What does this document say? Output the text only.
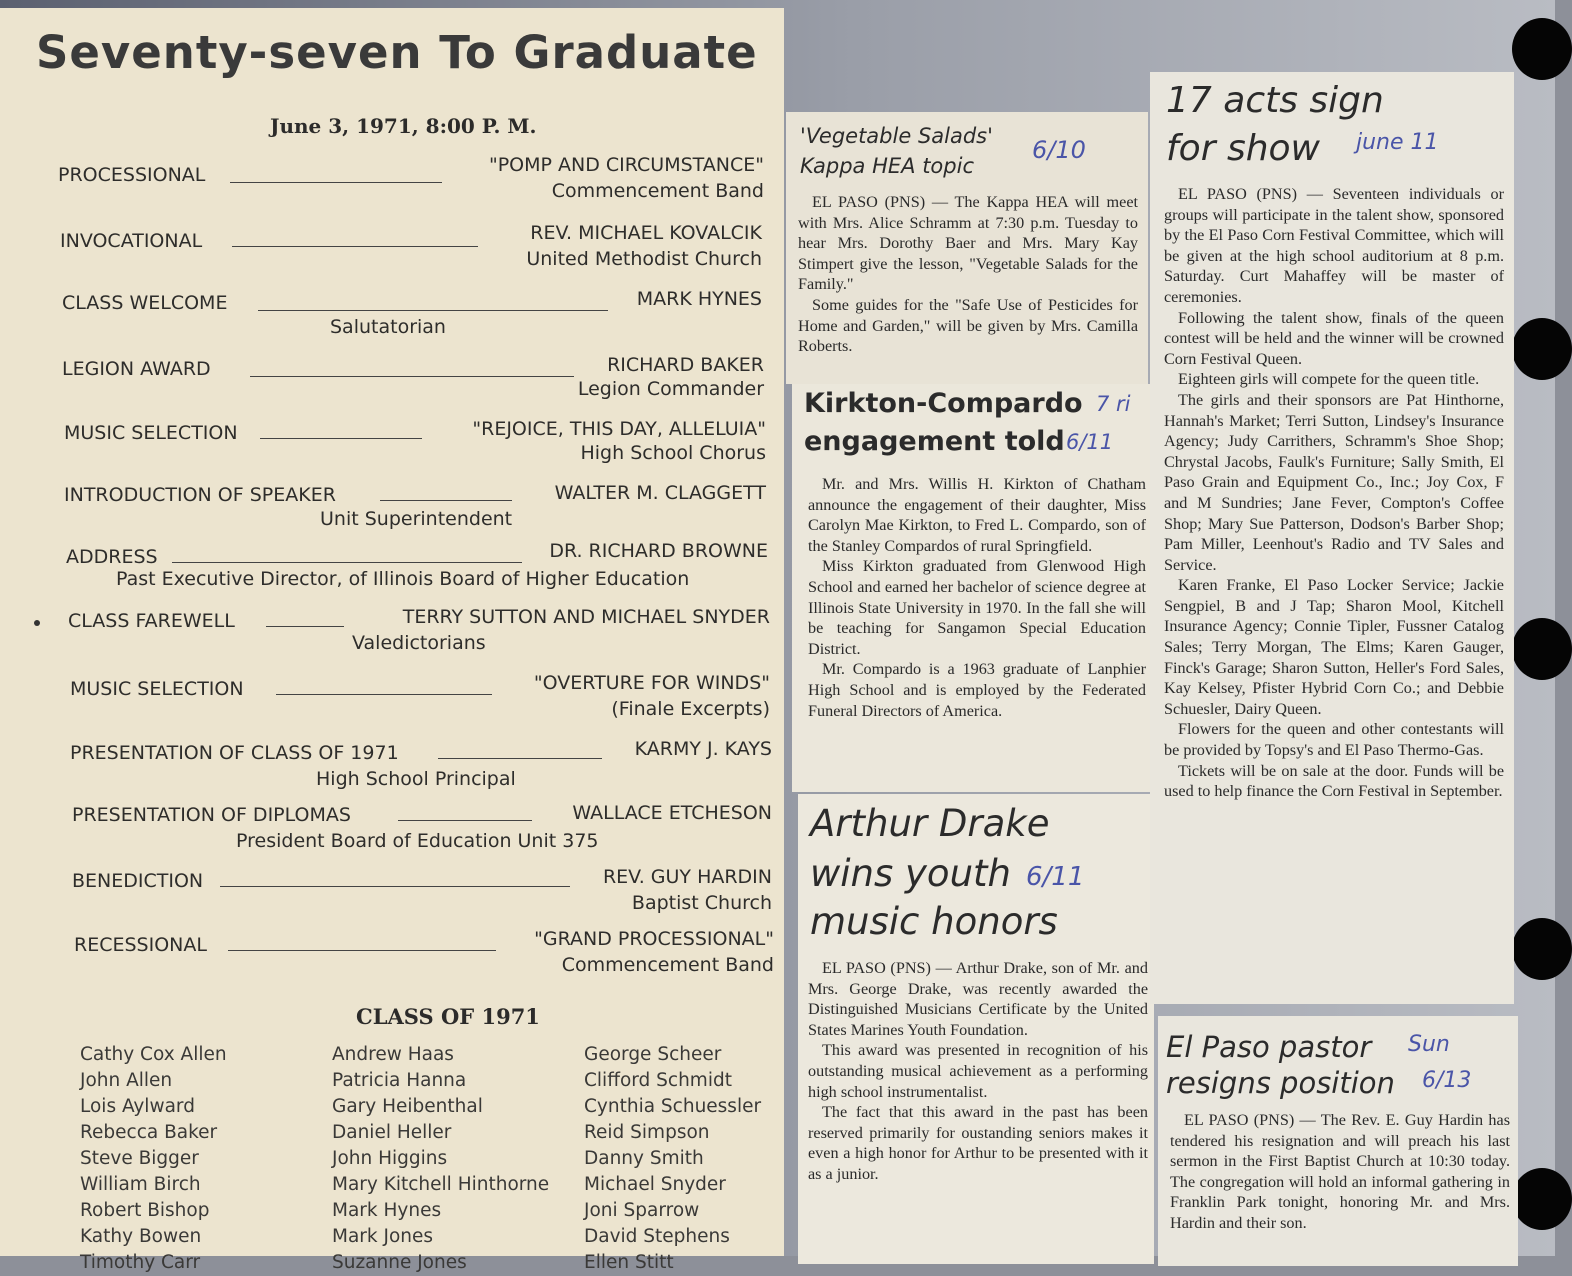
Seventy-seven To Graduate
June 3, 1971, 8:00 P. M.
PROCESSIONAL	"POMP AND CIRCUMSTANCE"
Commencement Band
INVOCATIONAL	REV. MICHAEL KOVALCIK
United Methodist Church
CLASS WELCOME	MARK HYNES
Salutatorian
LEGION AWARD	RICHARD BAKER
Legion Commander
MUSIC SELECTION	"REJOICE, THIS DAY, ALLELUIA"
High School Chorus
INTRODUCTION OF SPEAKER	WALTER M. CLAGGETT
Unit Superintendent
ADDRESS	DR. RICHARD BROWNE
Past Executive Director, of Illinois Board of Higher Education
CLASS FAREWELL	TERRY SUTTON AND MICHAEL SNYDER
Valedictorians
MUSIC SELECTION	"OVERTURE FOR WINDS"
(Finale Excerpts)
PRESENTATION OF CLASS OF 1971	KARMY J. KAYS
High School Principal
PRESENTATION OF DIPLOMAS	WALLACE ETCHESON
President Board of Education Unit 375
BENEDICTION	REV. GUY HARDIN
Baptist Church
RECESSIONAL	"GRAND PROCESSIONAL"
Commencement Band
CLASS OF 1971
Cathy Cox Allen
John Allen
Lois Aylward
Rebecca Baker
Steve Bigger
William Birch
Robert Bishop
Kathy Bowen
Timothy Carr
Andrew Haas
Patricia Hanna
Gary Heibenthal
Daniel Heller
John Higgins
Mary Kitchell Hinthorne
Mark Hynes
Mark Jones
Suzanne Jones
George Scheer
Clifford Schmidt
Cynthia Schuessler
Reid Simpson
Danny Smith
Michael Snyder
Joni Sparrow
David Stephens
Ellen Stitt
'Vegetable Salads'
Kappa HEA topic
6/10

EL PASO (PNS) — The Kappa HEA will meet with Mrs. Alice Schramm at 7:30 p.m. Tuesday to hear Mrs. Dorothy Baer and Mrs. Mary Kay Stimpert give the lesson, "Vegetable Salads for the Family."

Some guides for the "Safe Use of Pesticides for Home and Garden," will be given by Mrs. Camilla Roberts.

Kirkton-Compardo 7 ri
engagement told 6/11

Mr. and Mrs. Willis H. Kirkton of Chatham announce the engagement of their daughter, Miss Carolyn Mae Kirkton, to Fred L. Compardo, son of the Stanley Compardos of rural Springfield.

Miss Kirkton graduated from Glenwood High School and earned her bachelor of science degree at Illinois State University in 1970. In the fall she will be teaching for Sangamon Special Education District.

Mr. Compardo is a 1963 graduate of Lanphier High School and is employed by the Federated Funeral Directors of America.

Arthur Drake
wins youth 6/11
music honors

EL PASO (PNS) — Arthur Drake, son of Mr. and Mrs. George Drake, was recently awarded the Distinguished Musicians Certificate by the United States Marines Youth Foundation.

This award was presented in recognition of his outstanding musical achievement as a performing high school instrumentalist.

The fact that this award in the past has been reserved primarily for oustanding seniors makes it even a high honor for Arthur to be presented with it as a junior.

17 acts sign
for show june 11

EL PASO (PNS) — Seventeen individuals or groups will participate in the talent show, sponsored by the El Paso Corn Festival Committee, which will be given at the high school auditorium at 8 p.m. Saturday. Curt Mahaffey will be master of ceremonies.

Following the talent show, finals of the queen contest will be held and the winner will be crowned Corn Festival Queen.

Eighteen girls will compete for the queen title.

The girls and their sponsors are Pat Hinthorne, Hannah's Market; Terri Sutton, Lindsey's Insurance Agency; Judy Carrithers, Schramm's Shoe Shop; Chrystal Jacobs, Faulk's Furniture; Sally Smith, El Paso Grain and Equipment Co., Inc.; Joy Cox, F and M Sundries; Jane Fever, Compton's Coffee Shop; Mary Sue Patterson, Dodson's Barber Shop; Pam Miller, Leenhout's Radio and TV Sales and Service.

Karen Franke, El Paso Locker Service; Jackie Sengpiel, B and J Tap; Sharon Mool, Kitchell Insurance Agency; Connie Tipler, Fussner Catalog Sales; Terry Morgan, The Elms; Karen Gauger, Finck's Garage; Sharon Sutton, Heller's Ford Sales, Kay Kelsey, Pfister Hybrid Corn Co.; and Debbie Schuesler, Dairy Queen.

Flowers for the queen and other contestants will be provided by Topsy's and El Paso Thermo-Gas.

Tickets will be on sale at the door. Funds will be used to help finance the Corn Festival in September.

El Paso pastor Sun
resigns position 6/13

EL PASO (PNS) — The Rev. E. Guy Hardin has tendered his resignation and will preach his last sermon in the First Baptist Church at 10:30 today. The congregation will hold an informal gathering in Franklin Park tonight, honoring Mr. and Mrs. Hardin and their son.
